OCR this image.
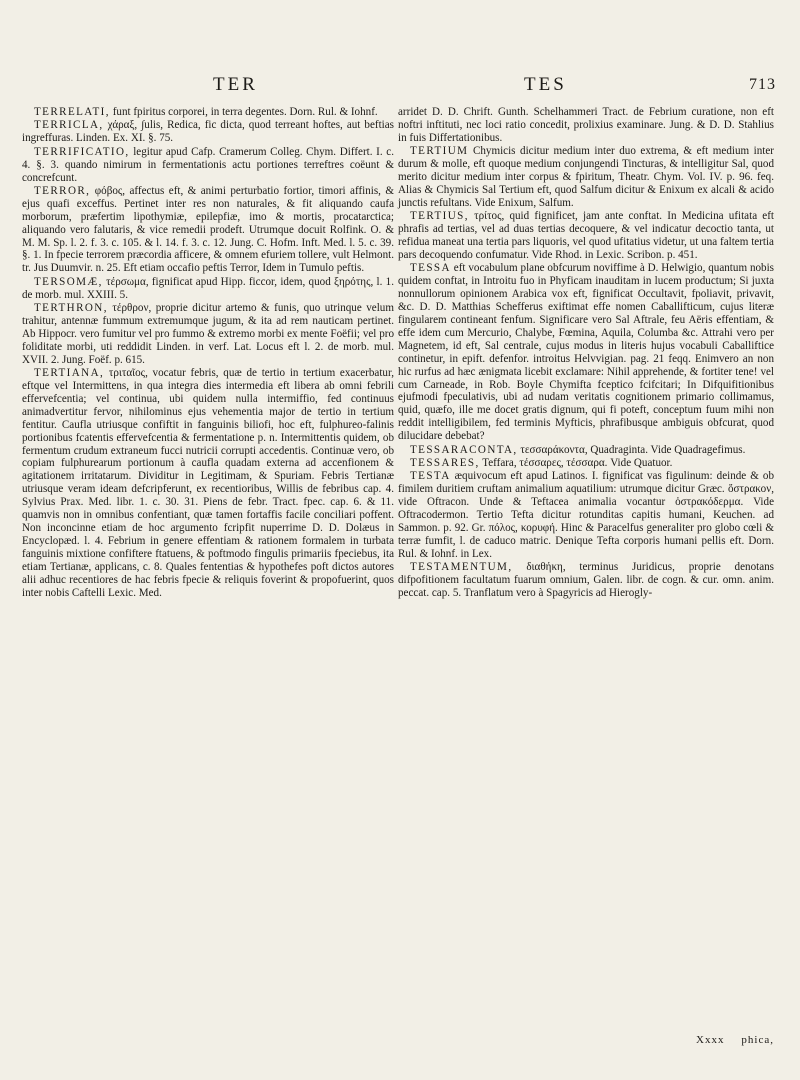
TER	TES	713

TERRELATI, funt fpiritus corporei, in terra degentes. Dorn. Rul. & Iohnf.

TERRICLA, χάραξ, ∫ulis, Redica, fic dicta, quod terreant hoftes, aut beftias ingreffuras. Linden. Ex. XI. §. 75.

TERRIFICATIO, legitur apud Cafp. Cramerum Colleg. Chym. Differt. I. c. 4. §. 3. quando nimirum in fermentationis actu portiones terreftres coëunt & concrefcunt.

TERROR, φόβος, affectus eft, & animi perturbatio fortior, timori affinis, & ejus quafi exceffus. Pertinet inter res non naturales, & fit aliquando caufa morborum, præfertim lipothymiæ, epilepfiæ, imo & mortis, procatarctica; aliquando vero falutaris, & vice remedii prodeft. Utrumque docuit Rolfink. O. & M. M. Sp. l. 2. f. 3. c. 105. & l. 14. f. 3. c. 12. Jung. C. Hofm. Inft. Med. l. 5. c. 39. §. 1. In fpecie terrorem præcordia afficere, & omnem efuriem tollere, vult Helmont. tr. Jus Duumvir. n. 25. Eft etiam occafio peftis Terror, Idem in Tumulo peftis.

TERSOMÆ, τέρσωμα, fignificat apud Hipp. ficcor, idem, quod ξηρότης, l. 1. de morb. mul. XXIII. 5.

TERTHRON, τέρθρον, proprie dicitur artemo & funis, quo utrinque velum trahitur, antennæ fummum extremumque jugum, & ita ad rem nauticam pertinet. Ab Hippocr. vero fumitur vel pro fummo & extremo morbi ex mente Foëfii; vel pro foliditate morbi, uti reddidit Linden. in verf. Lat. Locus eft l. 2. de morb. mul. XVII. 2. Jung. Foëf. p. 615.

TERTIANA, τριταῖος, vocatur febris, quæ de tertio in tertium exacerbatur, eftque vel Intermittens, in qua integra dies intermedia eft libera ab omni febrili effervefcentia; vel continua, ubi quidem nulla intermiffio, fed continuus animadvertitur fervor, nihilominus ejus vehementia major de tertio in tertium fentitur. Caufla utriusque confiftit in fanguinis biliofi, hoc eft, fulphureo-falinis portionibus fcatentis effervefcentia & fermentatione p. n. Intermittentis quidem, ob fermentum crudum extraneum fucci nutricii corrupti accedentis. Continuæ vero, ob copiam fulphurearum portionum à caufla quadam externa ad accenfionem & agitationem irritatarum. Dividitur in Legitimam, & Spuriam. Febris Tertianæ utriusque veram ideam defcripferunt, ex recentioribus, Willis de febribus cap. 4. Sylvius Prax. Med. libr. 1. c. 30. 31. Piens de febr. Tract. fpec. cap. 6. & 11. quamvis non in omnibus confentiant, quæ tamen fortaffis facile conciliari poffent. Non inconcinne etiam de hoc argumento fcripfit nuperrime D. D. Dolæus in Encyclopæd. l. 4. Febrium in genere effentiam & rationem formalem in turbata fanguinis mixtione confiftere ftatuens, & poftmodo fingulis primariis fpeciebus, ita etiam Tertianæ, applicans, c. 8. Quales fententias & hypothefes poft dictos autores alii adhuc recentiores de hac febris fpecie & reliquis foverint & propofuerint, quos inter nobis Caftelli Lexic. Med.

arridet D. D. Chrift. Gunth. Schelhammeri Tract. de Febrium curatione, non eft noftri inftituti, nec loci ratio concedit, prolixius examinare. Jung. & D. D. Stahlius in fuis Differtationibus.

TERTIUM Chymicis dicitur medium inter duo extrema, & eft medium inter durum & molle, eft quoque medium conjungendi Tincturas, & intelligitur Sal, quod merito dicitur medium inter corpus & fpiritum, Theatr. Chym. Vol. IV. p. 96. feq. Alias & Chymicis Sal Tertium eft, quod Salfum dicitur & Enixum ex alcali & acido junctis refultans. Vide Enixum, Salfum.

TERTIUS, τρίτος, quid fignificet, jam ante conftat. In Medicina ufitata eft phrafis ad tertias, vel ad duas tertias decoquere, & vel indicatur decoctio tanta, ut refidua maneat una tertia pars liquoris, vel quod ufitatius videtur, ut una faltem tertia pars decoquendo confumatur. Vide Rhod. in Lexic. Scribon. p. 451.

TESSA eft vocabulum plane obfcurum noviffime à D. Helwigio, quantum nobis quidem conftat, in Introitu fuo in Phyficam inauditam in lucem productum; Si juxta nonnullorum opinionem Arabica vox eft, fignificat Occultavit, fpoliavit, privavit, &c. D. D. Matthias Schefferus exiftimat effe nomen Caballifticum, cujus literæ fingularem contineant fenfum. Significare vero Sal Aftrale, feu Aëris effentiam, & effe idem cum Mercurio, Chalybe, Fœmina, Aquila, Columba &c. Attrahi vero per Magnetem, id eft, Sal centrale, cujus modus in literis hujus vocabuli Caballiftice continetur, in epift. defenfor. introitus Helvvigian. pag. 21 feqq. Enimvero an non hic rurfus ad hæc ænigmata licebit exclamare: Nihil apprehende, & fortiter tene! vel cum Carneade, in Rob. Boyle Chymifta fceptico fcifcitari; In Difquifitionibus ejufmodi fpeculativis, ubi ad nudam veritatis cognitionem primario collimamus, quid, quæfo, ille me docet gratis dignum, qui fi poteft, conceptum fuum mihi non reddit intelligibilem, fed terminis Myfticis, phrafibusque ambiguis obfcurat, quod dilucidare debebat?

TESSARACONTA, τεσσαράκοντα, Quadraginta. Vide Quadragefimus.

TESSARES, Teffara, τέσσαρες, τέσσαρα. Vide Quatuor.

TESTA æquivocum eft apud Latinos. I. fignificat vas figulinum: deinde & ob fimilem duritiem cruftam animalium aquatilium: utrumque dicitur Græc. ὄστρακον, vide Oftracon. Unde & Teftacea animalia vocantur ὀστρακόδερμα. Vide Oftracodermon. Tertio Tefta dicitur rotunditas capitis humani, Keuchen. ad Sammon. p. 92. Gr. πόλος, κορυφή. Hinc & Paracelfus generaliter pro globo cœli & terræ fumfit, l. de caduco matric. Denique Tefta corporis humani pellis eft. Dorn. Rul. & Iohnf. in Lex.

TESTAMENTUM, διαθήκη, terminus Juridicus, proprie denotans difpofitionem facultatum fuarum omnium, Galen. libr. de cogn. & cur. omn. anim. peccat. cap. 5. Tranflatum vero à Spagyricis ad Hierogly-

Xxxx phica,
